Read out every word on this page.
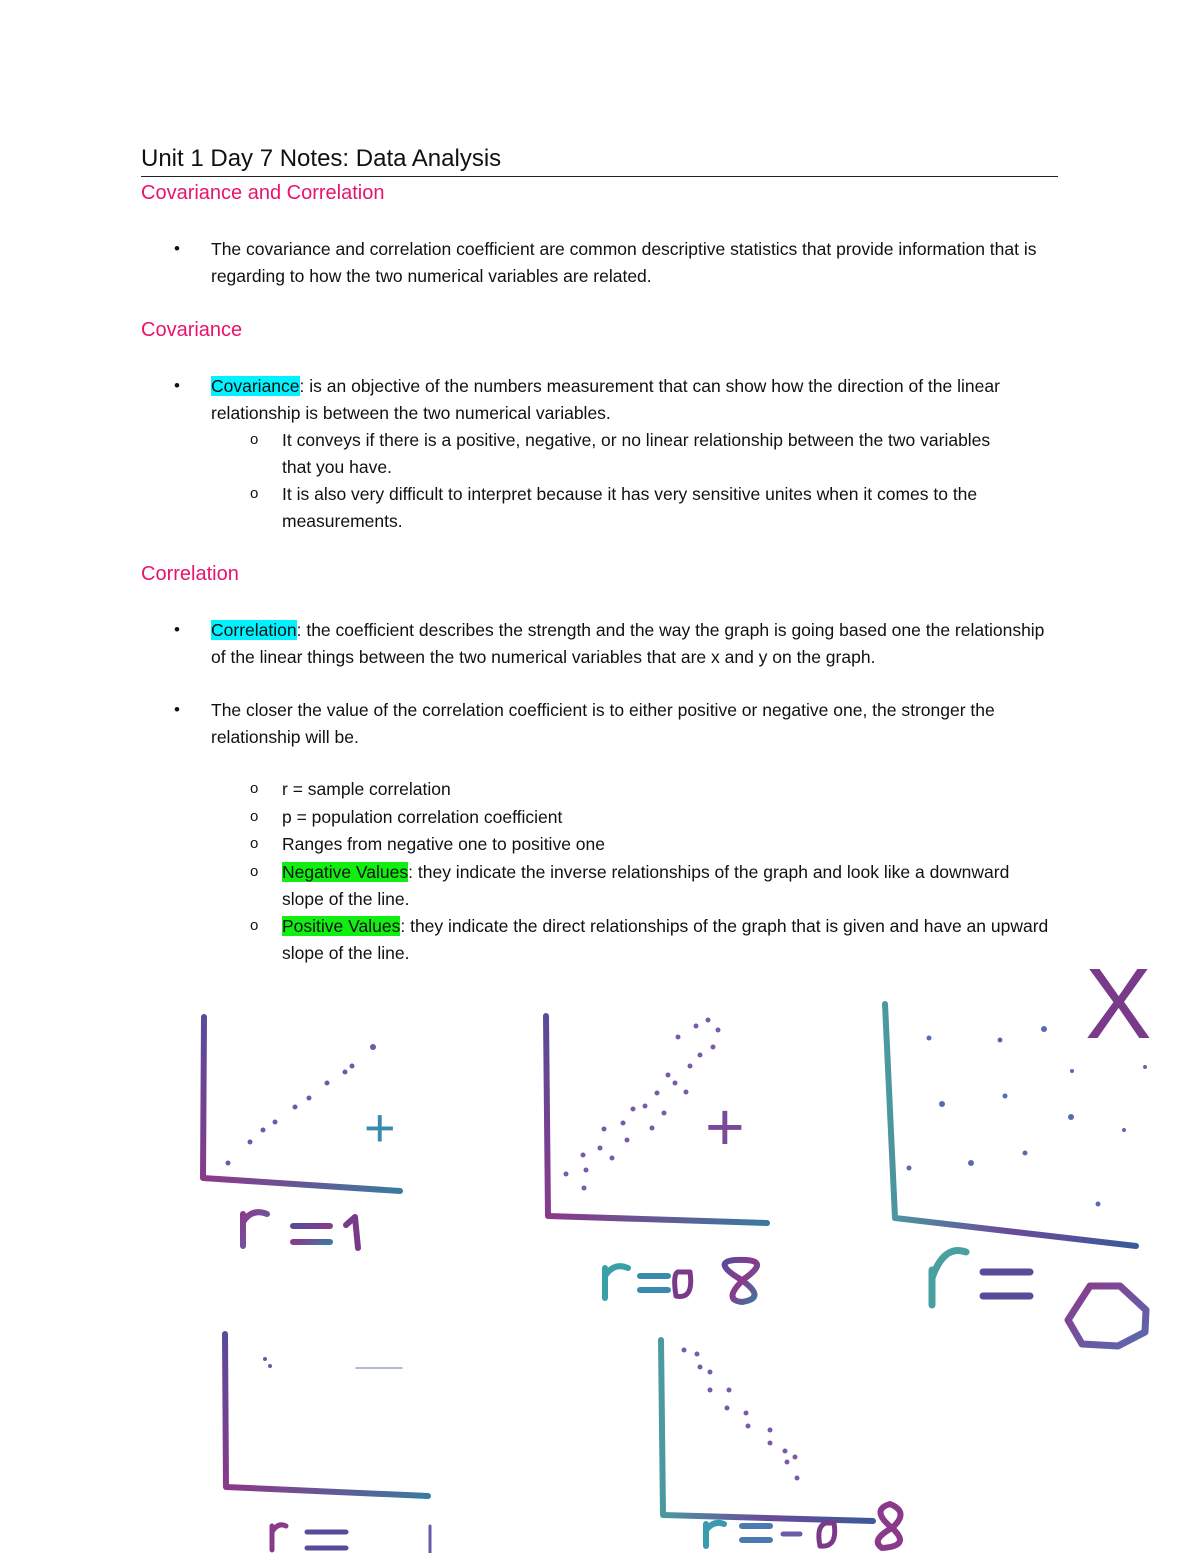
Unit 1 Day 7 Notes: Data Analysis
Covariance and Correlation
• The covariance and correlation coefficient are common descriptive statistics that provide information that is regarding to how the two numerical variables are related.
Covariance
• Covariance: is an objective of the numbers measurement that can show how the direction of the linear relationship is between the two numerical variables.
o It conveys if there is a positive, negative, or no linear relationship between the two variables that you have.
o It is also very difficult to interpret because it has very sensitive unites when it comes to the measurements.
Correlation
• Correlation: the coefficient describes the strength and the way the graph is going based one the relationship of the linear things between the two numerical variables that are x and y on the graph.
• The closer the value of the correlation coefficient is to either positive or negative one, the stronger the relationship will be.
o r = sample correlation
o p = population correlation coefficient
o Ranges from negative one to positive one
o Negative Values: they indicate the inverse relationships of the graph and look like a downward slope of the line.
o Positive Values: they indicate the direct relationships of the graph that is given and have an upward slope of the line.
+	+
X
